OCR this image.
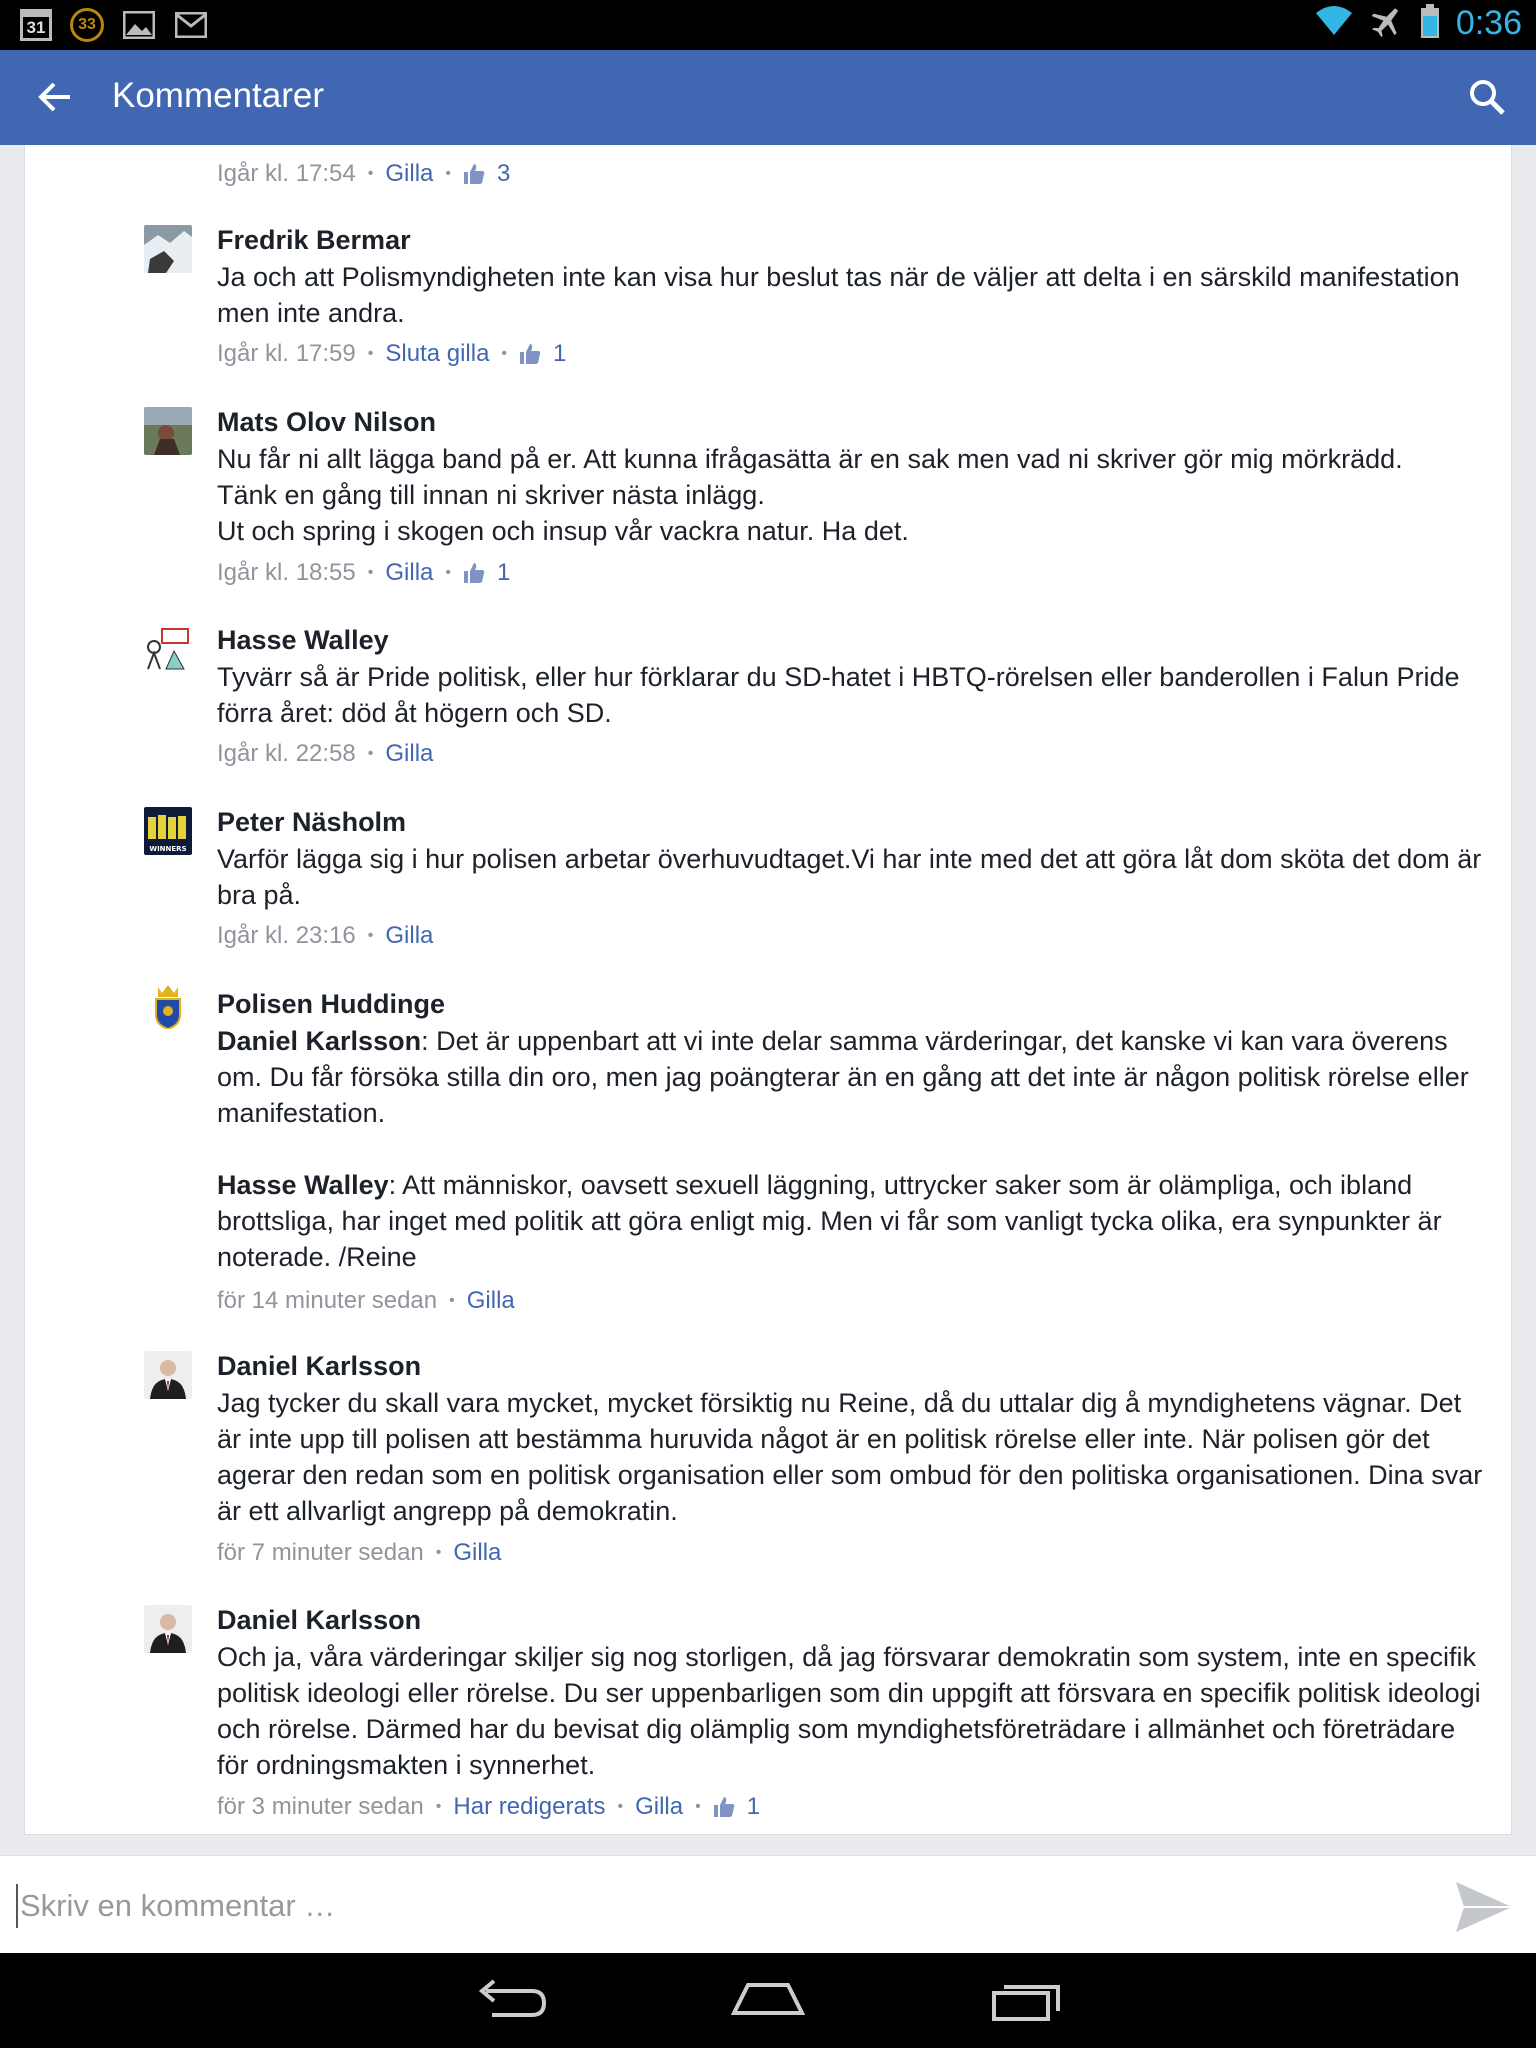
31	33	0:36
Kommentarer
Igår kl. 17:54 • Gilla • 3
Fredrik Bermar
Ja och att Polismyndigheten inte kan visa hur beslut tas när de väljer att delta i en särskild manifestation men inte andra.
Igår kl. 17:59 • Sluta gilla • 1
Mats Olov Nilson
Nu får ni allt lägga band på er. Att kunna ifrågasätta är en sak men vad ni skriver gör mig mörkrädd.
Tänk en gång till innan ni skriver nästa inlägg.
Ut och spring i skogen och insup vår vackra natur. Ha det.
Igår kl. 18:55 • Gilla • 1
Hasse Walley
Tyvärr så är Pride politisk, eller hur förklarar du SD-hatet i HBTQ-rörelsen eller banderollen i Falun Pride förra året: död åt högern och SD.
Igår kl. 22:58 • Gilla
WINNERS
Peter Näsholm
Varför lägga sig i hur polisen arbetar överhuvudtaget.Vi har inte med det att göra låt dom sköta det dom är bra på.
Igår kl. 23:16 • Gilla
Polisen Huddinge
Daniel Karlsson: Det är uppenbart att vi inte delar samma värderingar, det kanske vi kan vara överens om. Du får försöka stilla din oro, men jag poängterar än en gång att det inte är någon politisk rörelse eller manifestation.
Hasse Walley: Att människor, oavsett sexuell läggning, uttrycker saker som är olämpliga, och ibland brottsliga, har inget med politik att göra enligt mig. Men vi får som vanligt tycka olika, era synpunkter är noterade. /Reine
för 14 minuter sedan • Gilla
Daniel Karlsson
Jag tycker du skall vara mycket, mycket försiktig nu Reine, då du uttalar dig å myndighetens vägnar. Det är inte upp till polisen att bestämma huruvida något är en politisk rörelse eller inte. När polisen gör det agerar den redan som en politisk organisation eller som ombud för den politiska organisationen. Dina svar är ett allvarligt angrepp på demokratin.
för 7 minuter sedan • Gilla
Daniel Karlsson
Och ja, våra värderingar skiljer sig nog storligen, då jag försvarar demokratin som system, inte en specifik politisk ideologi eller rörelse. Du ser uppenbarligen som din uppgift att försvara en specifik politisk ideologi och rörelse. Därmed har du bevisat dig olämplig som myndighetsföreträdare i allmänhet och företrädare för ordningsmakten i synnerhet.
för 3 minuter sedan • Har redigerats • Gilla • 1
Skriv en kommentar …
